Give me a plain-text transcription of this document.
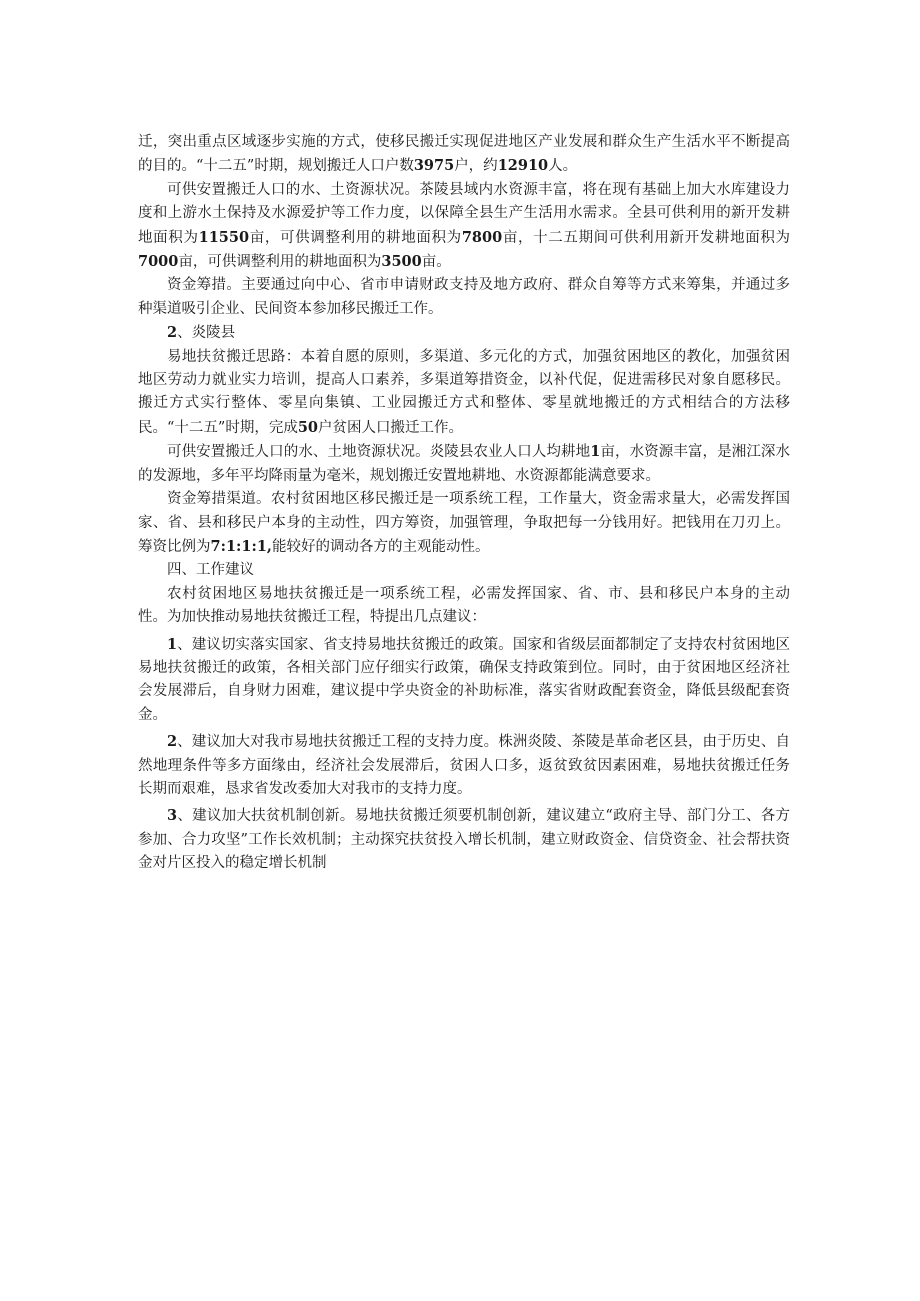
迁，突出重点区域逐步实施的方式，使移民搬迁实现促进地区产业发展和群众生产生活水平不断提高的目的。“十二五”时期，规划搬迁人口户数3975户，约12910人。

可供安置搬迁人口的水、土资源状况。茶陵县域内水资源丰富，将在现有基础上加大水库建设力度和上游水土保持及水源爱护等工作力度，以保障全县生产生活用水需求。全县可供利用的新开发耕地面积为11550亩，可供调整利用的耕地面积为7800亩，十二五期间可供利用新开发耕地面积为7000亩，可供调整利用的耕地面积为3500亩。

资金筹措。主要通过向中心、省市申请财政支持及地方政府、群众自筹等方式来筹集，并通过多种渠道吸引企业、民间资本参加移民搬迁工作。

2、炎陵县

易地扶贫搬迁思路：本着自愿的原则，多渠道、多元化的方式，加强贫困地区的教化，加强贫困地区劳动力就业实力培训，提高人口素养，多渠道筹措资金，以补代促，促进需移民对象自愿移民。搬迁方式实行整体、零星向集镇、工业园搬迁方式和整体、零星就地搬迁的方式相结合的方法移民。“十二五”时期，完成50户贫困人口搬迁工作。

可供安置搬迁人口的水、土地资源状况。炎陵县农业人口人均耕地1亩，水资源丰富，是湘江深水的发源地，多年平均降雨量为毫米，规划搬迁安置地耕地、水资源都能满意要求。

资金筹措渠道。农村贫困地区移民搬迁是一项系统工程，工作量大，资金需求量大，必需发挥国家、省、县和移民户本身的主动性，四方筹资，加强管理，争取把每一分钱用好。把钱用在刀刃上。筹资比例为7:1:1:1,能较好的调动各方的主观能动性。

四、工作建议

农村贫困地区易地扶贫搬迁是一项系统工程，必需发挥国家、省、市、县和移民户本身的主动性。为加快推动易地扶贫搬迁工程，特提出几点建议：

1、建议切实落实国家、省支持易地扶贫搬迁的政策。国家和省级层面都制定了支持农村贫困地区易地扶贫搬迁的政策，各相关部门应仔细实行政策，确保支持政策到位。同时，由于贫困地区经济社会发展滞后，自身财力困难，建议提中学央资金的补助标准，落实省财政配套资金，降低县级配套资金。

2、建议加大对我市易地扶贫搬迁工程的支持力度。株洲炎陵、茶陵是革命老区县，由于历史、自然地理条件等多方面缘由，经济社会发展滞后，贫困人口多，返贫致贫因素困难，易地扶贫搬迁任务长期而艰难，恳求省发改委加大对我市的支持力度。

3、建议加大扶贫机制创新。易地扶贫搬迁须要机制创新，建议建立“政府主导、部门分工、各方参加、合力攻坚”工作长效机制；主动探究扶贫投入增长机制，建立财政资金、信贷资金、社会帮扶资金对片区投入的稳定增长机制
